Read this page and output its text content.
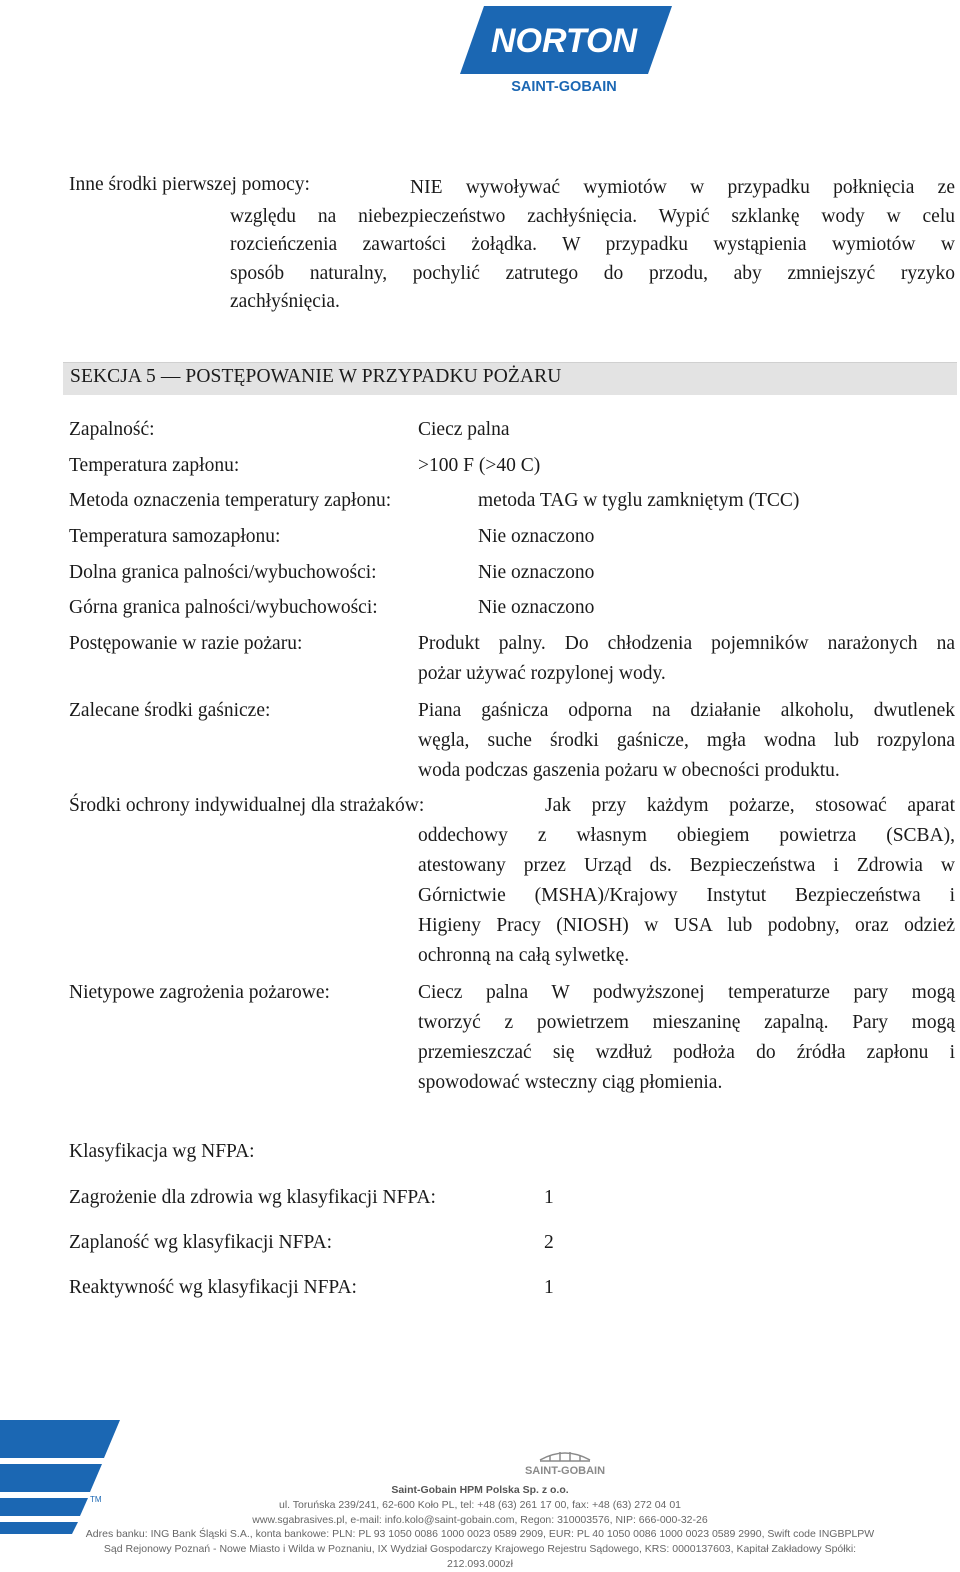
NORTON
SAINT-GOBAIN
Inne środki pierwszej pomocy:	NIE wywoływać wymiotów w przypadku połknięcia ze
względu na niebezpieczeństwo zachłyśnięcia. Wypić szklankę wody w celu
rozcieńczenia zawartości żołądka. W przypadku wystąpienia wymiotów w
sposób naturalny, pochylić zatrutego do przodu, aby zmniejszyć ryzyko
zachłyśnięcia.
SEKCJA 5 — POSTĘPOWANIE W PRZYPADKU POŻARU
Zapalność:	Ciecz palna
Temperatura zapłonu:	>100 F (>40 C)
Metoda oznaczenia temperatury zapłonu:	metoda TAG w tyglu zamkniętym (TCC)
Temperatura samozapłonu:	Nie oznaczono
Dolna granica palności/wybuchowości:	Nie oznaczono
Górna granica palności/wybuchowości:	Nie oznaczono
Postępowanie w razie pożaru:	Produkt palny. Do chłodzenia pojemników narażonych na
pożar używać rozpylonej wody.
Zalecane środki gaśnicze:	Piana gaśnicza odporna na działanie alkoholu, dwutlenek
węgla, suche środki gaśnicze, mgła wodna lub rozpylona
woda podczas gaszenia pożaru w obecności produktu.
Środki ochrony indywidualnej dla strażaków:	Jak przy każdym pożarze, stosować aparat
oddechowy z własnym obiegiem powietrza (SCBA),
atestowany przez Urząd ds. Bezpieczeństwa i Zdrowia w
Górnictwie (MSHA)/Krajowy Instytut Bezpieczeństwa i
Higieny Pracy (NIOSH) w USA lub podobny, oraz odzież
ochronną na całą sylwetkę.
Nietypowe zagrożenia pożarowe:	Ciecz palna W podwyższonej temperaturze pary mogą
tworzyć z powietrzem mieszaninę zapalną. Pary mogą
przemieszczać się wzdłuż podłoża do źródła zapłonu i
spowodować wsteczny ciąg płomienia.
Klasyfikacja wg NFPA:
Zagrożenie dla zdrowia wg klasyfikacji NFPA:	1
Zaplaność wg klasyfikacji NFPA:	2
Reaktywność wg klasyfikacji NFPA:	1
TM
SAINT-GOBAIN
Saint-Gobain HPM Polska Sp. z o.o.
ul. Toruńska 239/241, 62-600 Koło PL, tel: +48 (63) 261 17 00, fax: +48 (63) 272 04 01
www.sgabrasives.pl, e-mail: info.kolo@saint-gobain.com, Regon: 310003576, NIP: 666-000-32-26
Adres banku: ING Bank Śląski S.A., konta bankowe: PLN: PL 93 1050 0086 1000 0023 0589 2909, EUR: PL 40 1050 0086 1000 0023 0589 2990, Swift code INGBPLPW
Sąd Rejonowy Poznań - Nowe Miasto i Wilda w Poznaniu, IX Wydział Gospodarczy Krajowego Rejestru Sądowego, KRS: 0000137603, Kapitał Zakładowy Spółki: 212.093.000zł
